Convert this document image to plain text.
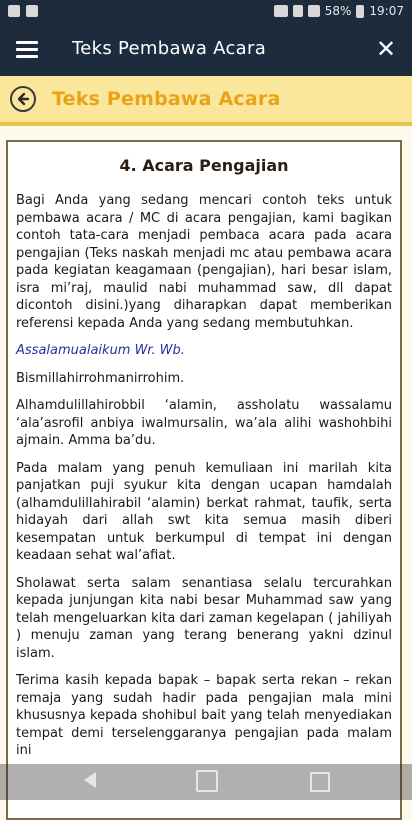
58% 19:07
Teks Pembawa Acara	✕
Teks Pembawa Acara
4. Acara Pengajian

Bagi Anda yang sedang mencari contoh teks untuk pembawa acara / MC di acara pengajian, kami bagikan contoh tata-cara menjadi pembaca acara pada acara pengajian (Teks naskah menjadi mc atau pembawa acara pada kegiatan keagamaan (pengajian), hari besar islam, isra mi’raj, maulid nabi muhammad saw, dll dapat dicontoh disini.)yang diharapkan dapat memberikan referensi kepada Anda yang sedang membutuhkan.

Assalamualaikum Wr. Wb.

Bismillahirrohmanirrohim.

Alhamdulillahirobbil ‘alamin, assholatu wassalamu ‘ala’asrofil anbiya iwalmursalin, wa’ala alihi washohbihi ajmain. Amma ba’du.

Pada malam yang penuh kemuliaan ini marilah kita panjatkan puji syukur kita dengan ucapan hamdalah (alhamdulillahirabil ‘alamin) berkat rahmat, taufik, serta hidayah dari allah swt kita semua masih diberi kesempatan untuk berkumpul di tempat ini dengan keadaan sehat wal’afiat.

Sholawat serta salam senantiasa selalu tercurahkan kepada junjungan kita nabi besar Muhammad saw yang telah mengeluarkan kita dari zaman kegelapan ( jahiliyah ) menuju zaman yang terang benerang yakni dzinul islam.

Terima kasih kepada bapak – bapak serta rekan – rekan remaja yang sudah hadir pada pengajian mala mini khususnya kepada shohibul bait yang telah menyediakan tempat demi terselenggaranya pengajian pada malam ini
